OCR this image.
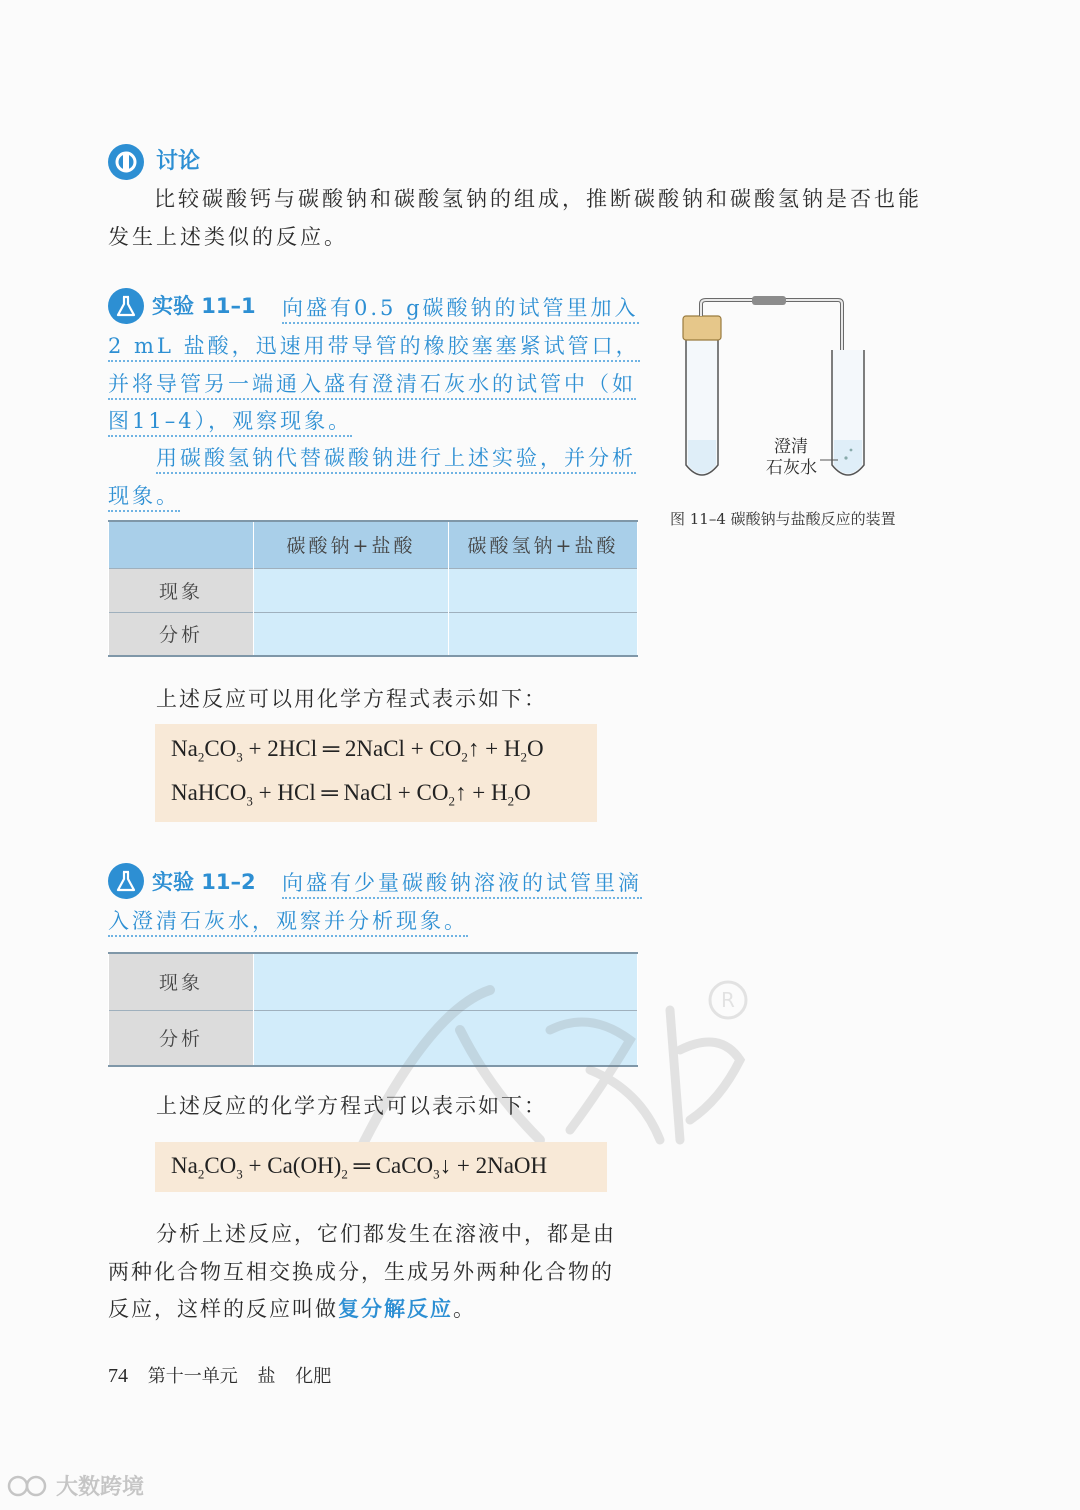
讨论
比较碳酸钙与碳酸钠和碳酸氢钠的组成，推断碳酸钠和碳酸氢钠是否也能
发生上述类似的反应。
实验 11–1 向盛有0.5 g碳酸钠的试管里加入
2 mL 盐酸，迅速用带导管的橡胶塞塞紧试管口，
并将导管另一端通入盛有澄清石灰水的试管中（如
图11–4），观察现象。
用碳酸氢钠代替碳酸钠进行上述实验，并分析
现象。
澄清
石灰水
图 11–4 碳酸钠与盐酸反应的装置
	碳酸钠+盐酸	碳酸氢钠+盐酸
现象		
分析		
上述反应可以用化学方程式表示如下：
$Na_2CO_3 + 2HCl$ ═ 2NaCl + $CO_2↑ + H_2O$
NaHCO$_3$ + HCl ═ NaCl + $CO_2↑ + H_2O$
实验 11–2 向盛有少量碳酸钠溶液的试管里滴
入澄清石灰水，观察并分析现象。
现象	
分析	
R
上述反应的化学方程式可以表示如下：
$Na_2CO_3 + Ca(OH)_2$ ═ CaCO$_3$↓ + 2NaOH
分析上述反应，它们都发生在溶液中，都是由
两种化合物互相交换成分，生成另外两种化合物的
反应，这样的反应叫做复分解反应。
74 第十一单元 盐 化肥
大数跨境
